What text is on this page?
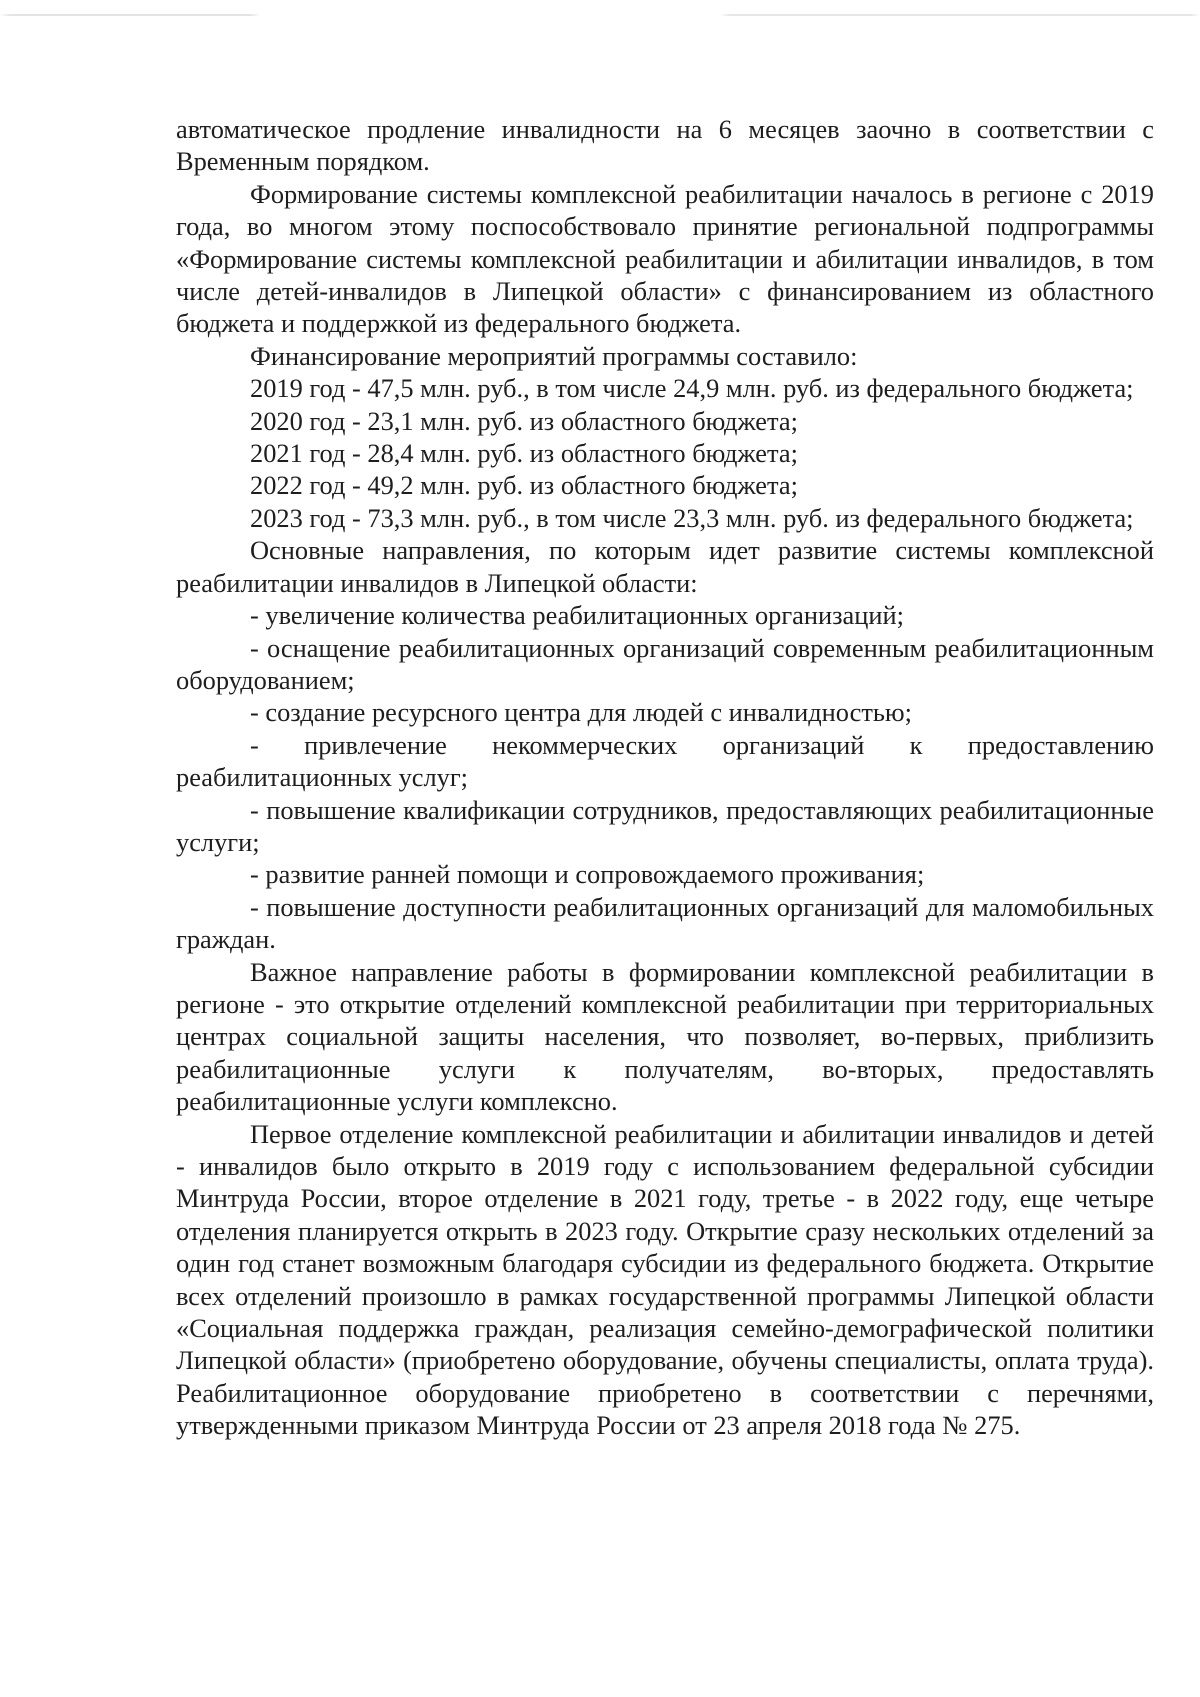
автоматическое продление инвалидности на 6 месяцев заочно в соответствии с Временным порядком.

Формирование системы комплексной реабилитации началось в регионе с 2019 года, во многом этому поспособствовало принятие региональной подпрограммы «Формирование системы комплексной реабилитации и абилитации инвалидов, в том числе детей-инвалидов в Липецкой области» с финансированием из областного бюджета и поддержкой из федерального бюджета.

Финансирование мероприятий программы составило:

2019 год - 47,5 млн. руб., в том числе 24,9 млн. руб. из федерального бюджета;

2020 год - 23,1 млн. руб. из областного бюджета;

2021 год - 28,4 млн. руб. из областного бюджета;

2022 год - 49,2 млн. руб. из областного бюджета;

2023 год - 73,3 млн. руб., в том числе 23,3 млн. руб. из федерального бюджета;

Основные направления, по которым идет развитие системы комплексной реабилитации инвалидов в Липецкой области:

- увеличение количества реабилитационных организаций;

- оснащение реабилитационных организаций современным реабилитационным оборудованием;

- создание ресурсного центра для людей с инвалидностью;

- привлечение некоммерческих организаций к предоставлению реабилитационных услуг;

- повышение квалификации сотрудников, предоставляющих реабилитационные услуги;

- развитие ранней помощи и сопровождаемого проживания;

- повышение доступности реабилитационных организаций для маломобильных граждан.

Важное направление работы в формировании комплексной реабилитации в регионе - это открытие отделений комплексной реабилитации при территориальных центрах социальной защиты населения, что позволяет, во-первых, приблизить реабилитационные услуги к получателям, во-вторых, предоставлять реабилитационные услуги комплексно.

Первое отделение комплексной реабилитации и абилитации инвалидов и детей - инвалидов было открыто в 2019 году с использованием федеральной субсидии Минтруда России, второе отделение в 2021 году, третье - в 2022 году, еще четыре отделения планируется открыть в 2023 году. Открытие сразу нескольких отделений за один год станет возможным благодаря субсидии из федерального бюджета. Открытие всех отделений произошло в рамках государственной программы Липецкой области «Социальная поддержка граждан, реализация семейно-демографической политики Липецкой области» (приобретено оборудование, обучены специалисты, оплата труда). Реабилитационное оборудование приобретено в соответствии с перечнями, утвержденными приказом Минтруда России от 23 апреля 2018 года № 275.
